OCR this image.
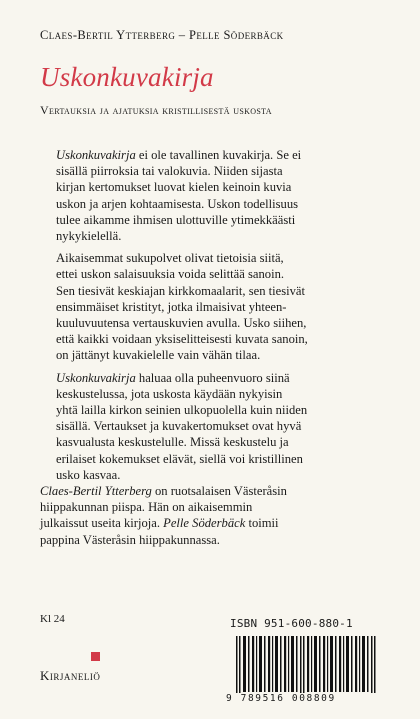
Claes-Bertil Ytterberg – Pelle Söderbäck
Uskonkuvakirja
Vertauksia ja ajatuksia kristillisestä uskosta
Uskonkuvakirja ei ole tavallinen kuvakirja. Se ei
sisällä piirroksia tai valokuvia. Niiden sijasta
kirjan kertomukset luovat kielen keinoin kuvia
uskon ja arjen kohtaamisesta. Uskon todellisuus
tulee aikamme ihmisen ulottuville ytimekkäästi
nykykielellä.
Aikaisemmat sukupolvet olivat tietoisia siitä,
ettei uskon salaisuuksia voida selittää sanoin.
Sen tiesivät keskiajan kirkkomaalarit, sen tiesivät
ensimmäiset kristityt, jotka ilmaisivat yhteen-
kuuluvuutensa vertauskuvien avulla. Usko siihen,
että kaikki voidaan yksiselitteisesti kuvata sanoin,
on jättänyt kuvakielelle vain vähän tilaa.
Uskonkuvakirja haluaa olla puheenvuoro siinä
keskustelussa, jota uskosta käydään nykyisin
yhtä lailla kirkon seinien ulkopuolella kuin niiden
sisällä. Vertaukset ja kuvakertomukset ovat hyvä
kasvualusta keskustelulle. Missä keskustelu ja
erilaiset kokemukset elävät, siellä voi kristillinen
usko kasvaa.
Claes-Bertil Ytterberg on ruotsalaisen Västeråsin
hiippakunnan piispa. Hän on aikaisemmin
julkaissut useita kirjoja. Pelle Söderbäck toimii
pappina Västeråsin hiippakunnassa.
Kl 24	ISBN 951-600-880-1
Kirjaneliö
9 789516 008809
